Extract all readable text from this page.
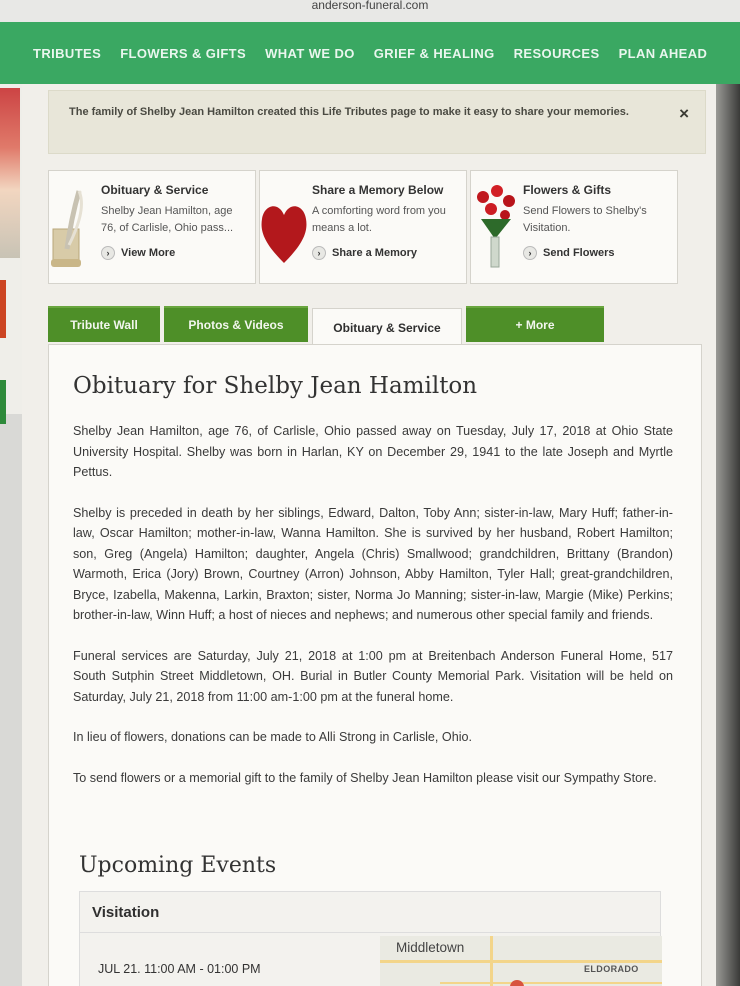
anderson-funeral.com
TRIBUTES FLOWERS & GIFTS WHAT WE DO GRIEF & HEALING RESOURCES PLAN AHEAD
The family of Shelby Jean Hamilton created this Life Tributes page to make it easy to share your memories.	×
Obituary & Service

Shelby Jean Hamilton, age 76, of Carlisle, Ohio pass...

›	View More
Share a Memory Below

A comforting word from you means a lot.

›	Share a Memory
Flowers & Gifts

Send Flowers to Shelby's Visitation.

›	Send Flowers
Tribute Wall	Photos & Videos	Obituary & Service	+ More
Obituary for Shelby Jean Hamilton

Shelby Jean Hamilton, age 76, of Carlisle, Ohio passed away on Tuesday, July 17, 2018 at Ohio State University Hospital. Shelby was born in Harlan, KY on December 29, 1941 to the late Joseph and Myrtle Pettus.

Shelby is preceded in death by her siblings, Edward, Dalton, Toby Ann; sister-in-law, Mary Huff; father-in-law, Oscar Hamilton; mother-in-law, Wanna Hamilton. She is survived by her husband, Robert Hamilton; son, Greg (Angela) Hamilton; daughter, Angela (Chris) Smallwood; grandchildren, Brittany (Brandon) Warmoth, Erica (Jory) Brown, Courtney (Arron) Johnson, Abby Hamilton, Tyler Hall; great-grandchildren, Bryce, Izabella, Makenna, Larkin, Braxton; sister, Norma Jo Manning; sister-in-law, Margie (Mike) Perkins; brother-in-law, Winn Huff; a host of nieces and nephews; and numerous other special family and friends.

Funeral services are Saturday, July 21, 2018 at 1:00 pm at Breitenbach Anderson Funeral Home, 517 South Sutphin Street Middletown, OH. Burial in Butler County Memorial Park. Visitation will be held on Saturday, July 21, 2018 from 11:00 am-1:00 pm at the funeral home.

In lieu of flowers, donations can be made to Alli Strong in Carlisle, Ohio.

To send flowers or a memorial gift to the family of Shelby Jean Hamilton please visit our Sympathy Store.

Upcoming Events
Visitation
JUL 21. 11:00 AM - 01:00 PM
Middletown
ELDORADO
